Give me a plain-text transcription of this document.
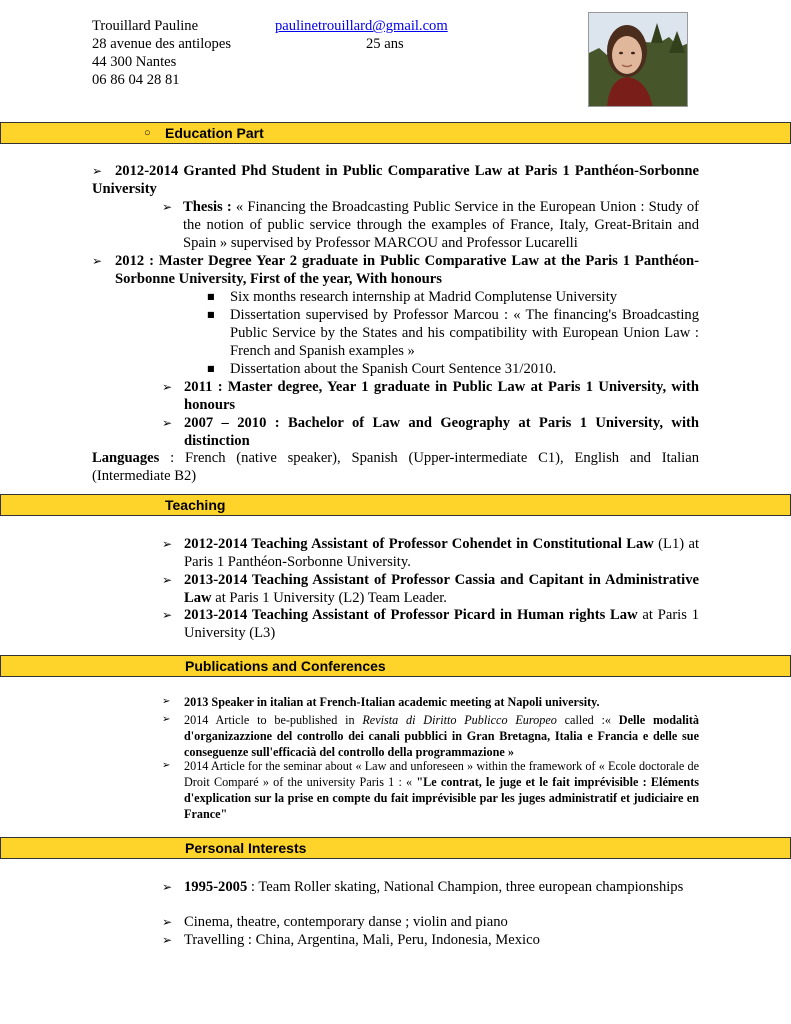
Trouillard Pauline	paulinetrouillard@gmail.com
28 avenue des antilopes	25 ans
44 300 Nantes
06 86 04 28 81
○ Education Part
➢ 2012-2014 Granted Phd Student in Public Comparative Law at Paris 1 Panthéon-Sorbonne University
➢ Thesis : « Financing the Broadcasting Public Service in the European Union : Study of the notion of public service through the examples of France, Italy, Great-Britain and Spain » supervised by Professor MARCOU and Professor Lucarelli
➢ 2012 : Master Degree Year 2 graduate in Public Comparative Law at the Paris 1 Panthéon-Sorbonne University, First of the year, With honours
■ Six months research internship at Madrid Complutense University
■ Dissertation supervised by Professor Marcou : « The financing's Broadcasting Public Service by the States and his compatibility with European Union Law : French and Spanish examples »
■ Dissertation about the Spanish Court Sentence 31/2010.
➢ 2011 : Master degree, Year 1 graduate in Public Law at Paris 1 University, with honours
➢ 2007 – 2010 : Bachelor of Law and Geography at Paris 1 University, with distinction
Languages : French (native speaker), Spanish (Upper-intermediate C1), English and Italian (Intermediate B2)
Teaching
➢ 2012-2014 Teaching Assistant of Professor Cohendet in Constitutional Law (L1) at Paris 1 Panthéon-Sorbonne University.
➢ 2013-2014 Teaching Assistant of Professor Cassia and Capitant in Administrative Law at Paris 1 University (L2) Team Leader.
➢ 2013-2014 Teaching Assistant of Professor Picard in Human rights Law at Paris 1 University (L3)
Publications and Conferences
➢ 2013 Speaker in italian at French-Italian academic meeting at Napoli university.
➢ 2014 Article to be-published in Revista di Diritto Publicco Europeo called :« Delle modalità d'organizazzione del controllo dei canali pubblici in Gran Bretagna, Italia e Francia e delle sue conseguenze sull'efficacià del controllo della programmazione »
➢ 2014 Article for the seminar about « Law and unforeseen » within the framework of « Ecole doctorale de Droit Comparé » of the university Paris 1 : « "Le contrat, le juge et le fait imprévisible : Eléments d'explication sur la prise en compte du fait imprévisible par les juges administratif et judiciaire en France"
Personal Interests
➢ 1995-2005 : Team Roller skating, National Champion, three european championships
➢ Cinema, theatre, contemporary danse ; violin and piano
➢ Travelling : China, Argentina, Mali, Peru, Indonesia, Mexico
